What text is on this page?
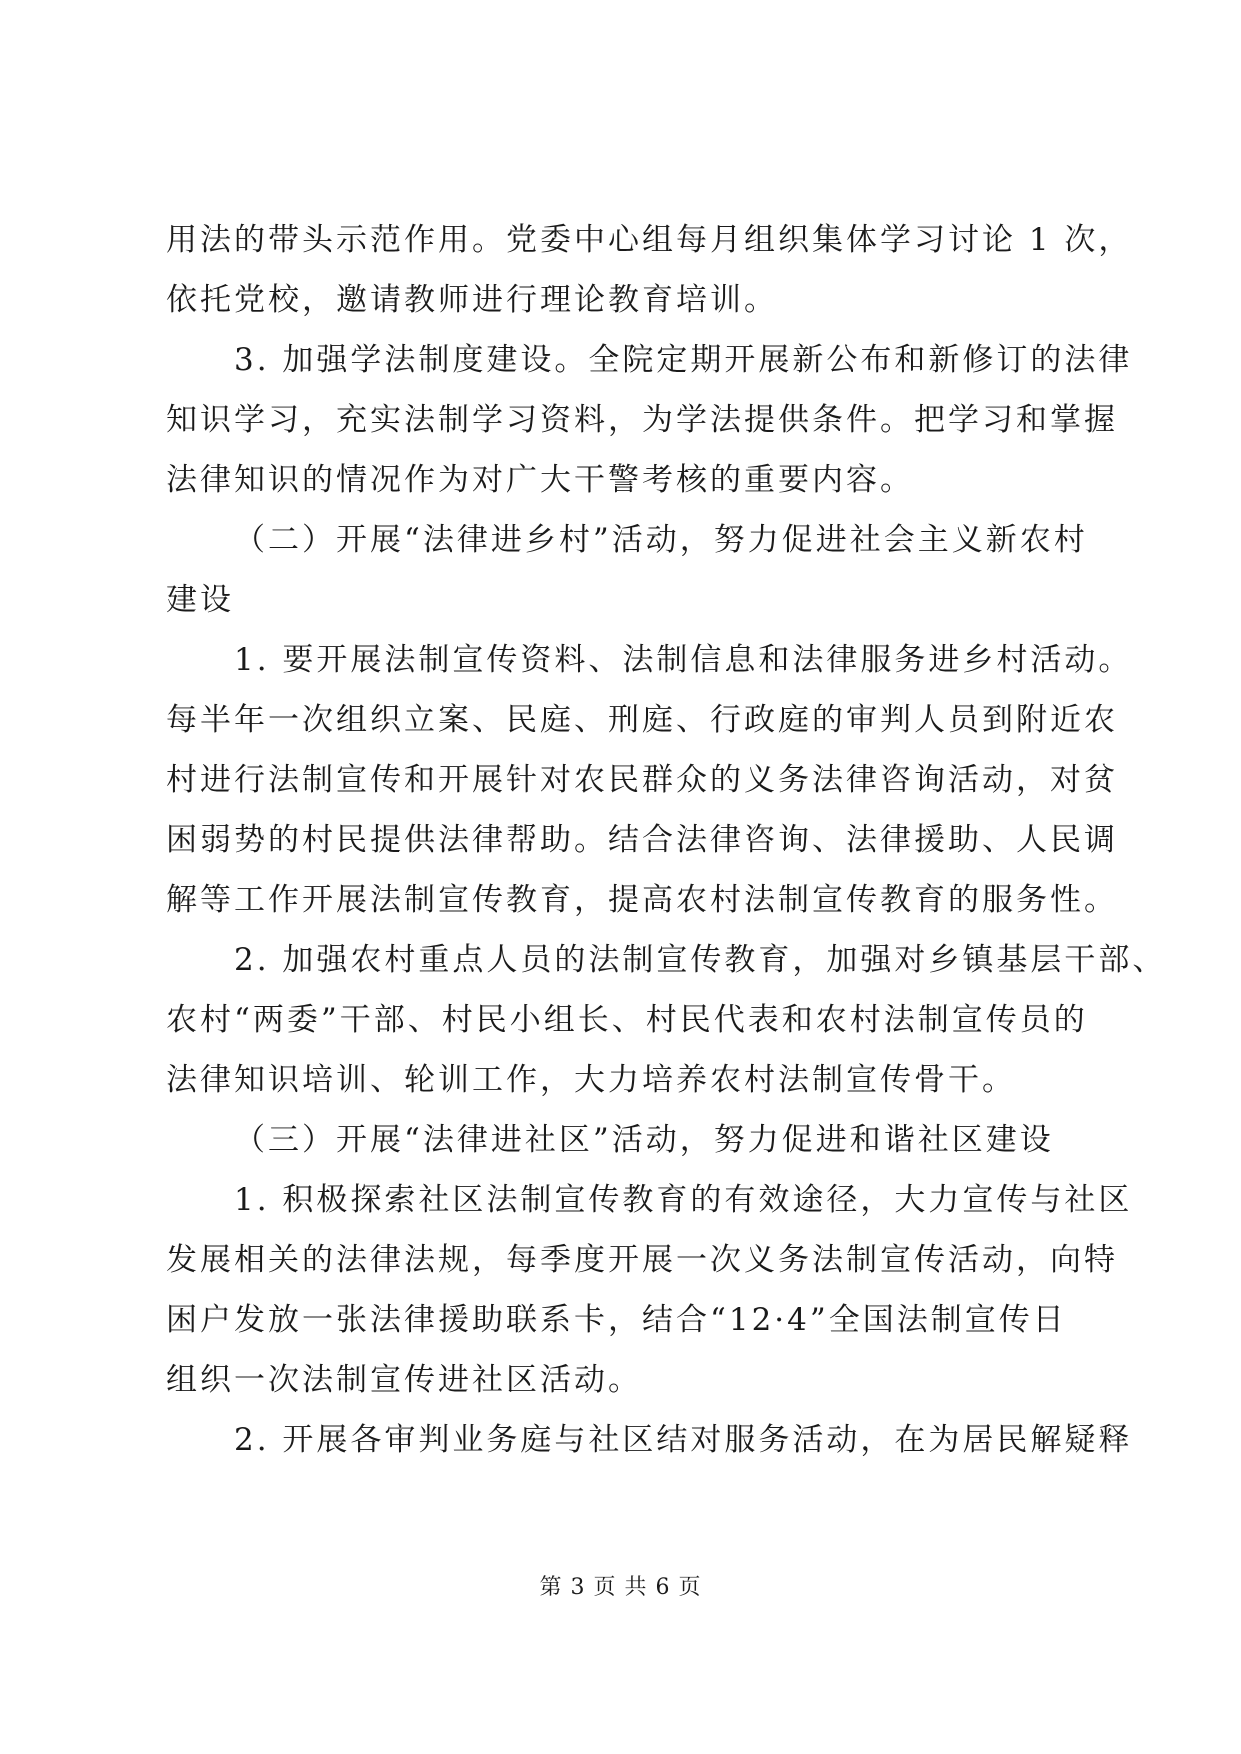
用法的带头示范作用。党委中心组每月组织集体学习讨论 1 次，
依托党校，邀请教师进行理论教育培训。

3. 加强学法制度建设。全院定期开展新公布和新修订的法律
知识学习，充实法制学习资料，为学法提供条件。把学习和掌握
法律知识的情况作为对广大干警考核的重要内容。

（二）开展“法律进乡村”活动，努力促进社会主义新农村
建设

1. 要开展法制宣传资料、法制信息和法律服务进乡村活动。
每半年一次组织立案、民庭、刑庭、行政庭的审判人员到附近农
村进行法制宣传和开展针对农民群众的义务法律咨询活动，对贫
困弱势的村民提供法律帮助。结合法律咨询、法律援助、人民调
解等工作开展法制宣传教育，提高农村法制宣传教育的服务性。

2. 加强农村重点人员的法制宣传教育，加强对乡镇基层干部、
农村“两委”干部、村民小组长、村民代表和农村法制宣传员的
法律知识培训、轮训工作，大力培养农村法制宣传骨干。

（三）开展“法律进社区”活动，努力促进和谐社区建设

1. 积极探索社区法制宣传教育的有效途径，大力宣传与社区
发展相关的法律法规，每季度开展一次义务法制宣传活动，向特
困户发放一张法律援助联系卡，结合“12·4”全国法制宣传日
组织一次法制宣传进社区活动。

2. 开展各审判业务庭与社区结对服务活动，在为居民解疑释

第 3 页 共 6 页
